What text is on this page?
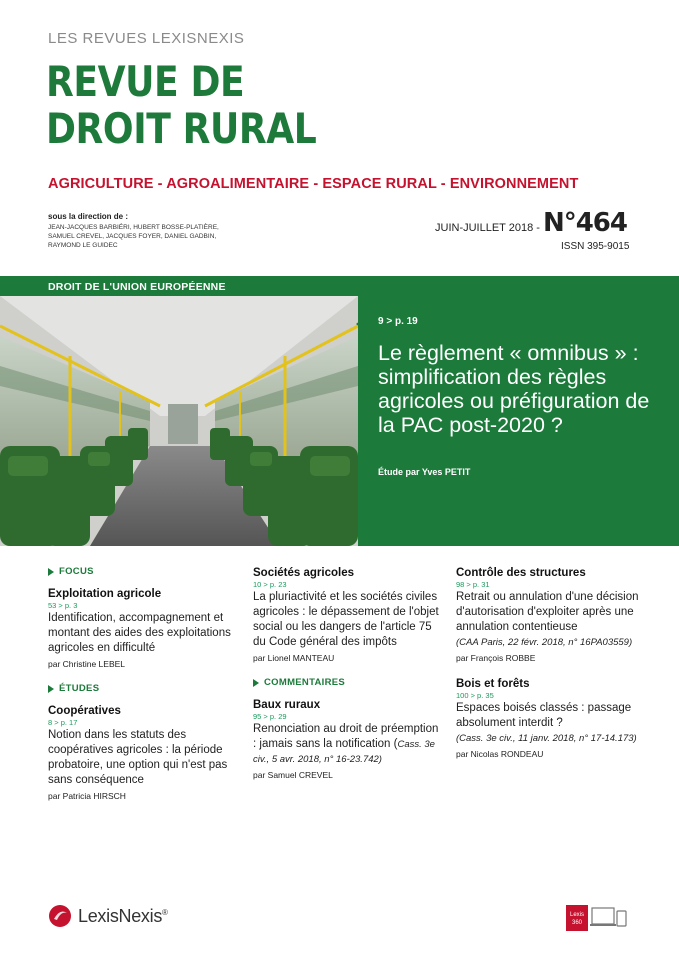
LES REVUES LEXISNEXIS
REVUE DE
DROIT RURAL
AGRICULTURE - AGROALIMENTAIRE - ESPACE RURAL - ENVIRONNEMENT
sous la direction de :
JEAN-JACQUES BARBIÉRI, HUBERT BOSSE-PLATIÈRE,
SAMUEL CREVEL, JACQUES FOYER, DANIEL GADBIN,
RAYMOND LE GUIDEC
JUIN-JUILLET 2018 - N°464
ISSN 395-9015
DROIT DE L'UNION EUROPÉENNE
9 > p. 19
Le règlement « omnibus » : simplification des règles agricoles ou préfiguration de la PAC post-2020 ?
Étude par Yves PETIT
FOCUS
Exploitation agricole
53 > p. 3
Identification, accompagnement et montant des aides des exploitations agricoles en difficulté
par Christine LEBEL
ÉTUDES
Coopératives
8 > p. 17
Notion dans les statuts des coopératives agricoles : la période probatoire, une option qui n'est pas sans conséquence
par Patricia HIRSCH
Sociétés agricoles
10 > p. 23
La pluriactivité et les sociétés civiles agricoles : le dépassement de l'objet social ou les dangers de l'article 75 du Code général des impôts
par Lionel MANTEAU
COMMENTAIRES
Baux ruraux
95 > p. 29
Renonciation au droit de préemption : jamais sans la notification (Cass. 3e civ., 5 avr. 2018, n° 16-23.742)
par Samuel CREVEL
Contrôle des structures
98 > p. 31
Retrait ou annulation d'une décision d'autorisation d'exploiter après une annulation contentieuse
(CAA Paris, 22 févr. 2018, n° 16PA03559)
par François ROBBE
Bois et forêts
100 > p. 35
Espaces boisés classés : passage absolument interdit ?
(Cass. 3e civ., 11 janv. 2018, n° 17-14.173)
par Nicolas RONDEAU
LexisNexis®	Lexis
360
